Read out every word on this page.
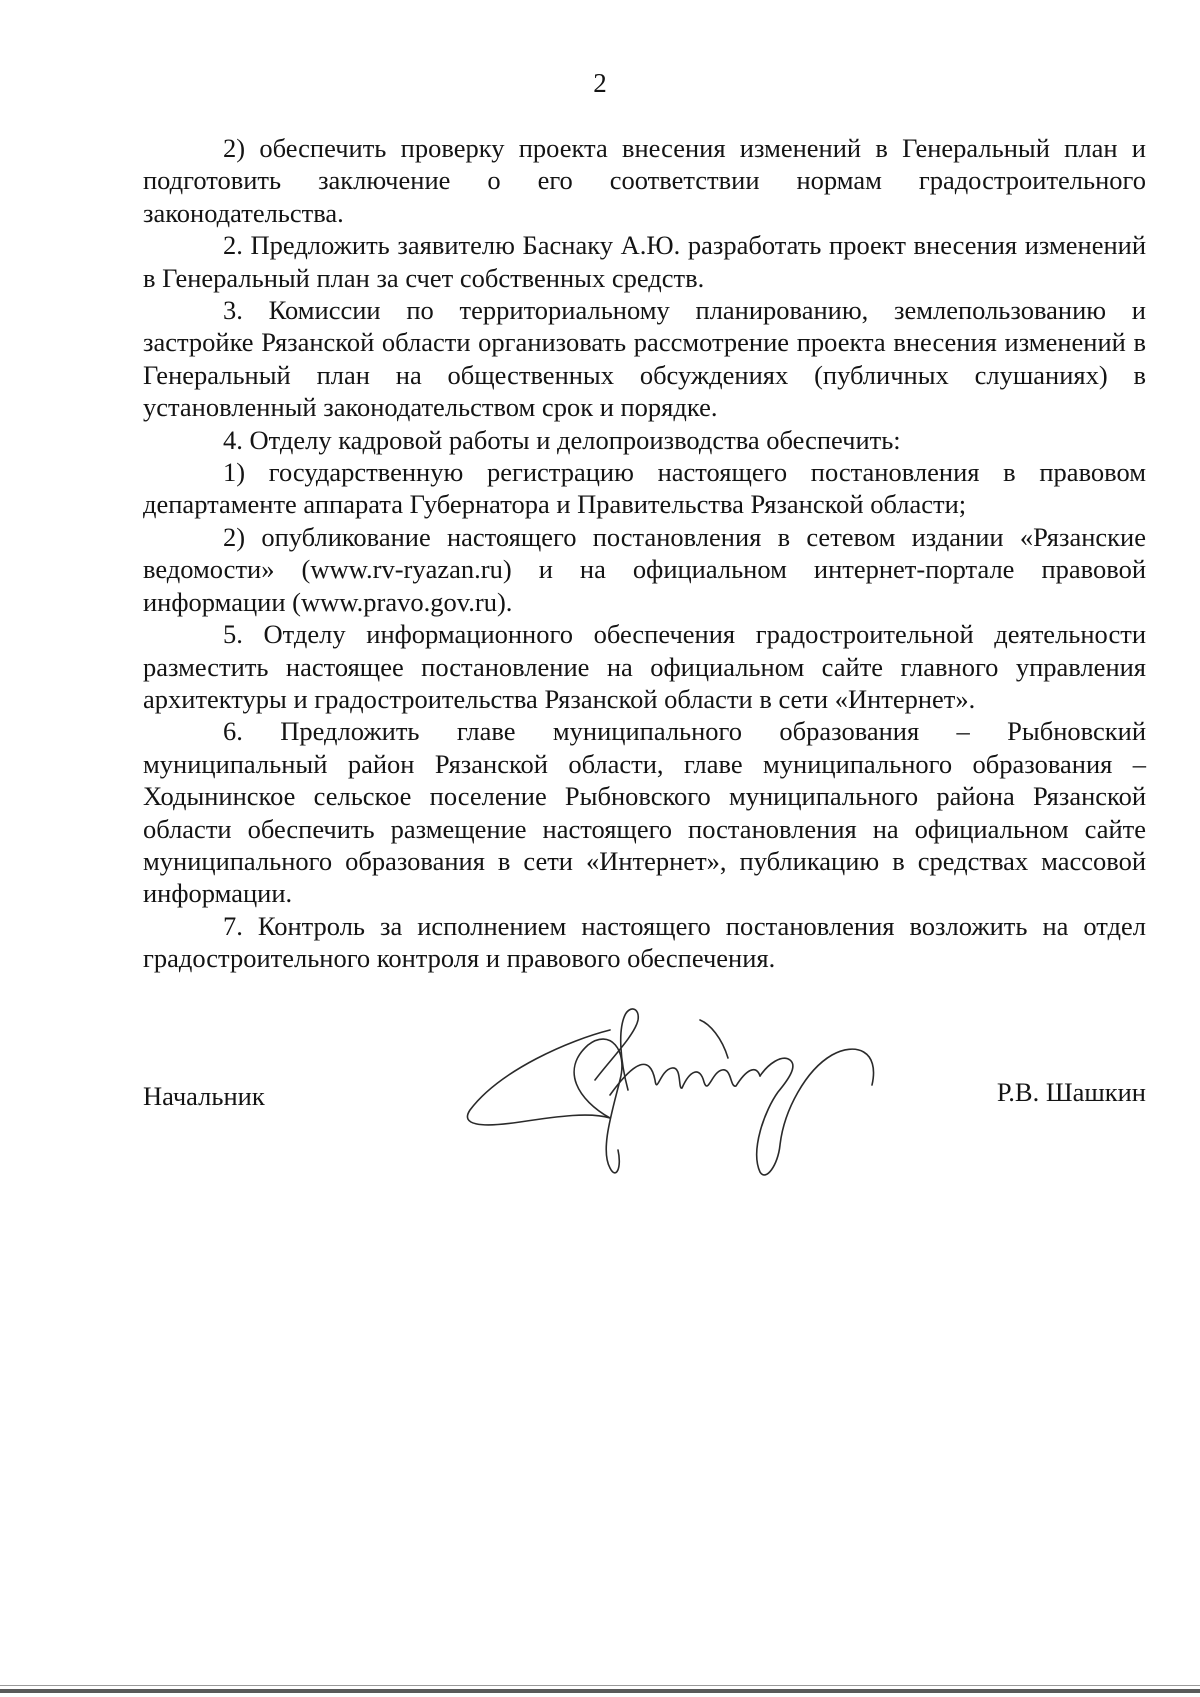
2

2) обеспечить проверку проекта внесения изменений в Генеральный план и подготовить заключение о его соответствии нормам градостроительного законодательства.

2. Предложить заявителю Баснаку А.Ю. разработать проект внесения изменений в Генеральный план за счет собственных средств.

3. Комиссии по территориальному планированию, землепользованию и застройке Рязанской области организовать рассмотрение проекта внесения изменений в Генеральный план на общественных обсуждениях (публичных слушаниях) в установленный законодательством срок и порядке.

4. Отделу кадровой работы и делопроизводства обеспечить:

1) государственную регистрацию настоящего постановления в правовом департаменте аппарата Губернатора и Правительства Рязанской области;

2) опубликование настоящего постановления в сетевом издании «Рязанские ведомости» (www.rv-ryazan.ru) и на официальном интернет-портале правовой информации (www.pravo.gov.ru).

5. Отделу информационного обеспечения градостроительной деятельности разместить настоящее постановление на официальном сайте главного управления архитектуры и градостроительства Рязанской области в сети «Интернет».

6. Предложить главе муниципального образования – Рыбновский муниципальный район Рязанской области, главе муниципального образования – Ходынинское сельское поселение Рыбновского муниципального района Рязанской области обеспечить размещение настоящего постановления на официальном сайте муниципального образования в сети «Интернет», публикацию в средствах массовой информации.

7. Контроль за исполнением настоящего постановления возложить на отдел градостроительного контроля и правового обеспечения.

Начальник	Р.В. Шашкин
